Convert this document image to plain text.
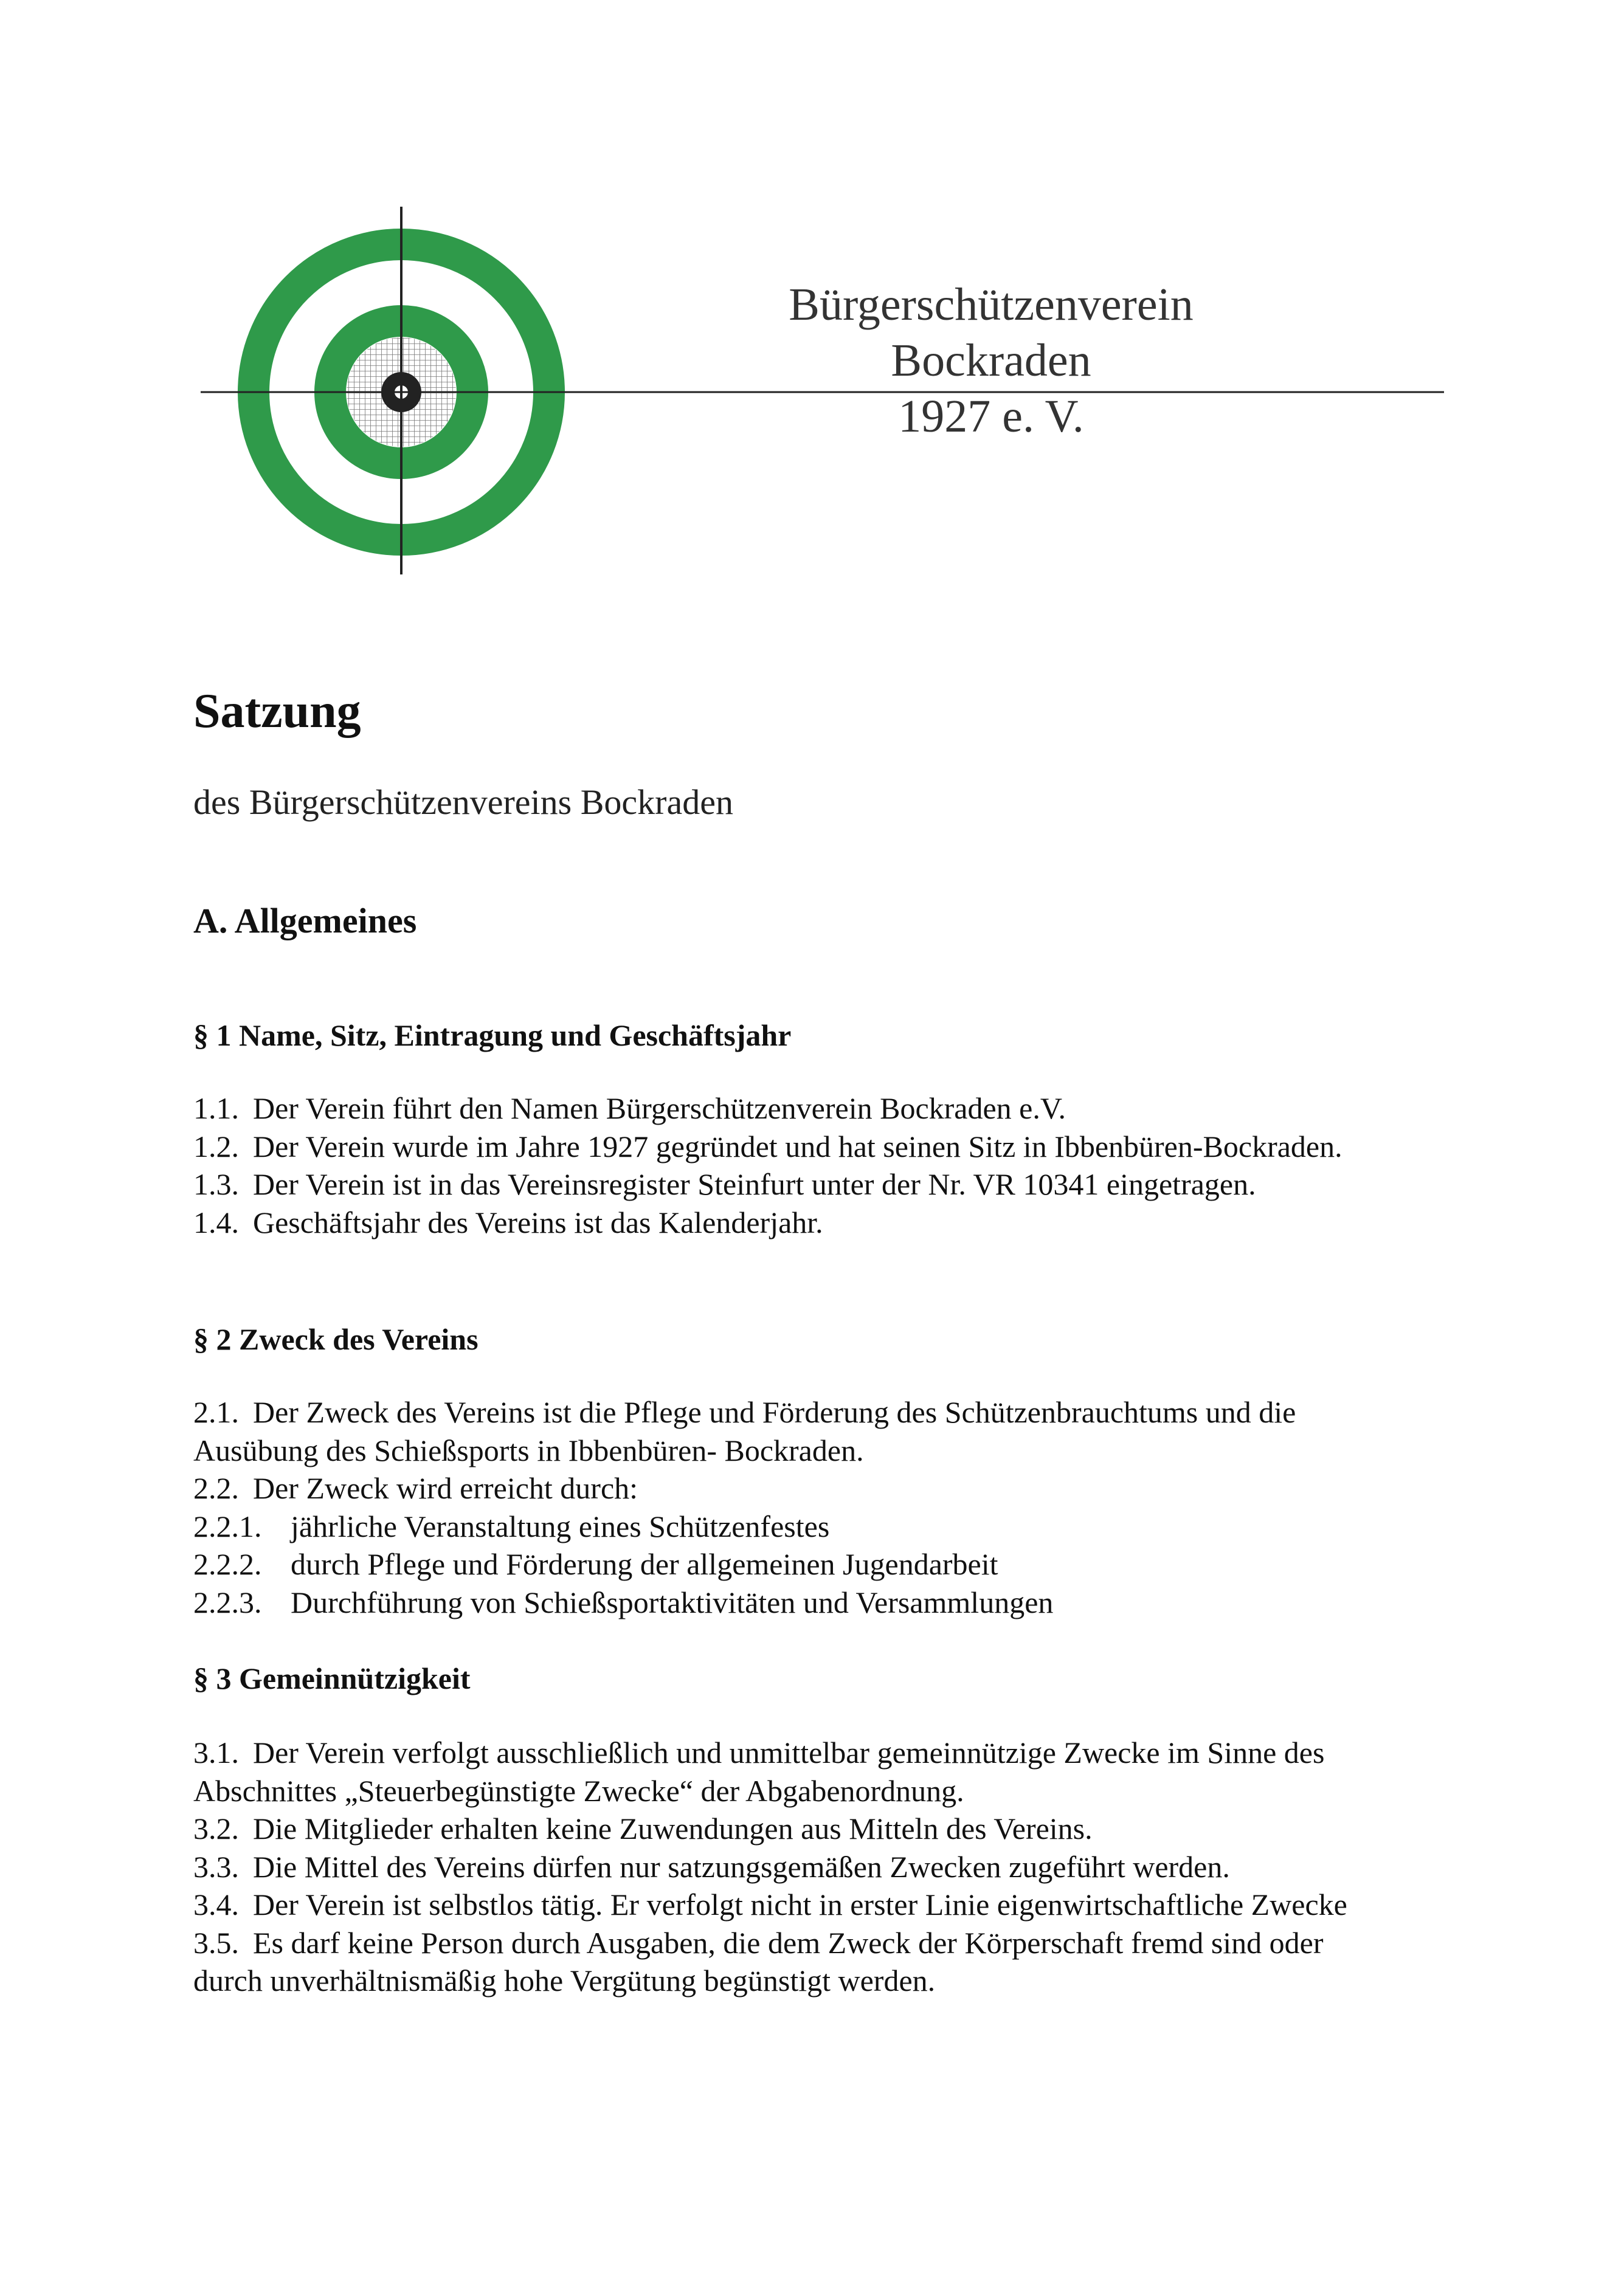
Bürgerschützenverein
Bockraden
1927 e. V.
Satzung

des Bürgerschützenvereins Bockraden

A. Allgemeines
§ 1 Name, Sitz, Eintragung und Geschäftsjahr
1.1. Der Verein führt den Namen Bürgerschützenverein Bockraden e.V.
1.2. Der Verein wurde im Jahre 1927 gegründet und hat seinen Sitz in Ibbenbüren-Bockraden.
1.3. Der Verein ist in das Vereinsregister Steinfurt unter der Nr. VR 10341 eingetragen.
1.4. Geschäftsjahr des Vereins ist das Kalenderjahr.
§ 2 Zweck des Vereins
2.1. Der Zweck des Vereins ist die Pflege und Förderung des Schützenbrauchtums und die
Ausübung des Schießsports in Ibbenbüren- Bockraden.
2.2. Der Zweck wird erreicht durch:
2.2.1. jährliche Veranstaltung eines Schützenfestes
2.2.2. durch Pflege und Förderung der allgemeinen Jugendarbeit
2.2.3. Durchführung von Schießsportaktivitäten und Versammlungen
§ 3 Gemeinnützigkeit
3.1. Der Verein verfolgt ausschließlich und unmittelbar gemeinnützige Zwecke im Sinne des
Abschnittes „Steuerbegünstigte Zwecke“ der Abgabenordnung.
3.2. Die Mitglieder erhalten keine Zuwendungen aus Mitteln des Vereins.
3.3. Die Mittel des Vereins dürfen nur satzungsgemäßen Zwecken zugeführt werden.
3.4. Der Verein ist selbstlos tätig. Er verfolgt nicht in erster Linie eigenwirtschaftliche Zwecke
3.5. Es darf keine Person durch Ausgaben, die dem Zweck der Körperschaft fremd sind oder
durch unverhältnismäßig hohe Vergütung begünstigt werden.
